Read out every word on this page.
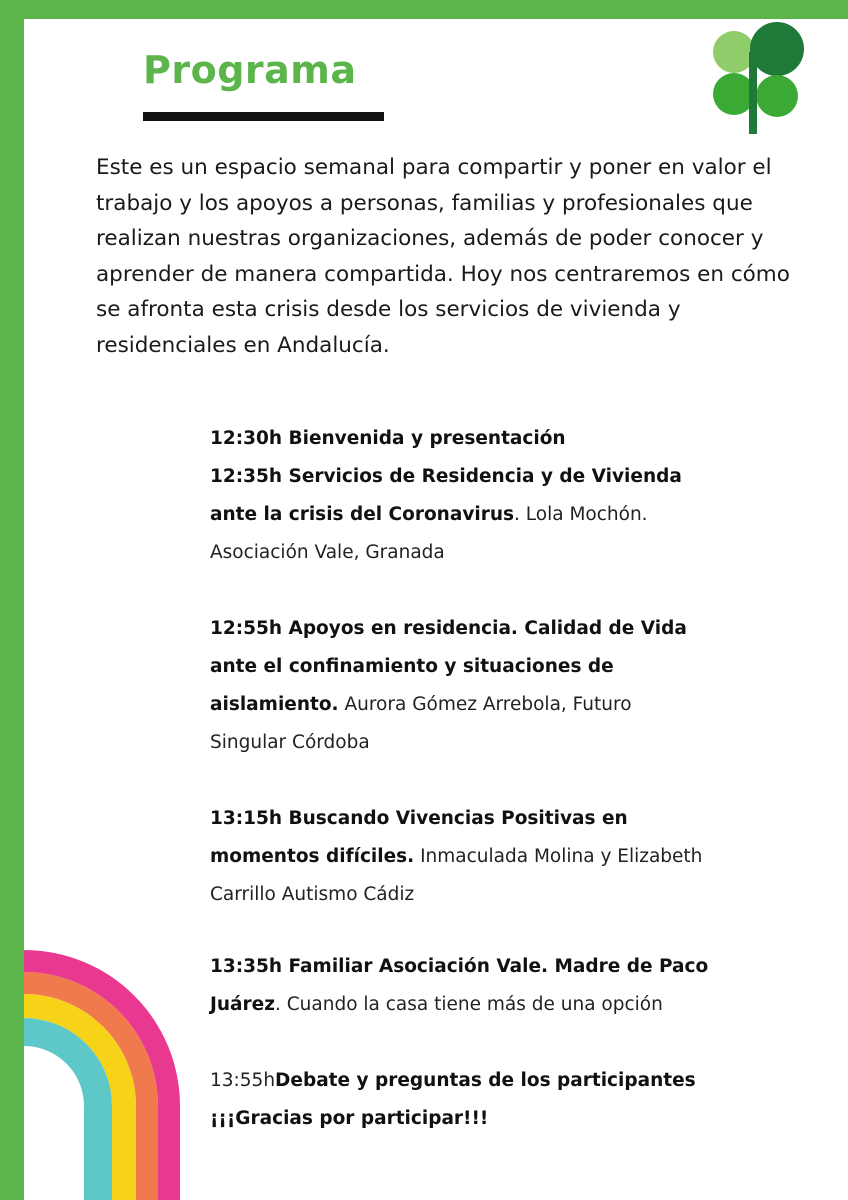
Programa
Este es un espacio semanal para compartir y poner en valor el
trabajo y los apoyos a personas, familias y profesionales que
realizan nuestras organizaciones, además de poder conocer y
aprender de manera compartida. Hoy nos centraremos en cómo
se afronta esta crisis desde los servicios de vivienda y
residenciales en Andalucía.
12:30h Bienvenida y presentación
12:35h Servicios de Residencia y de Vivienda
ante la crisis del Coronavirus. Lola Mochón.
Asociación Vale, Granada
12:55h Apoyos en residencia. Calidad de Vida
ante el confinamiento y situaciones de
aislamiento. Aurora Gómez Arrebola, Futuro
Singular Córdoba
13:15h Buscando Vivencias Positivas en
momentos difíciles. Inmaculada Molina y Elizabeth
Carrillo Autismo Cádiz
13:35h Familiar Asociación Vale. Madre de Paco
Juárez. Cuando la casa tiene más de una opción
13:55hDebate y preguntas de los participantes
¡¡¡Gracias por participar!!!
